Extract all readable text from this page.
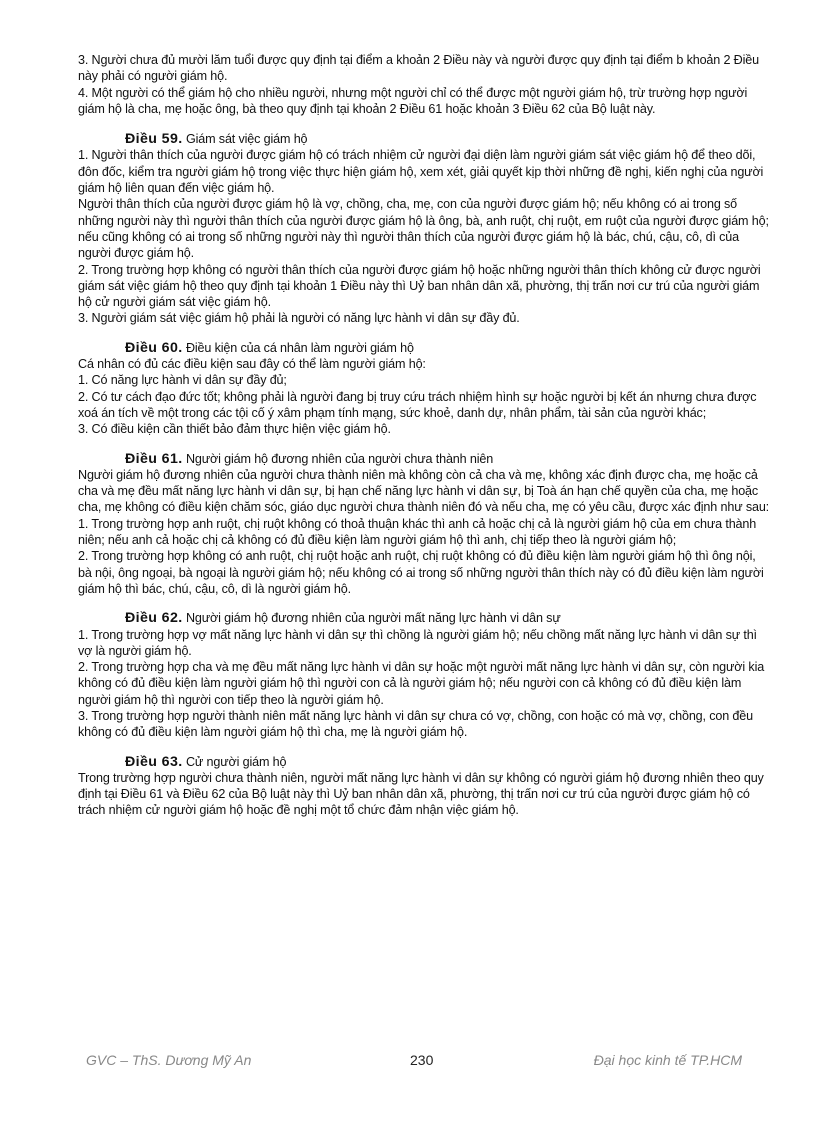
3. Người chưa đủ mười lăm tuổi được quy định tại điểm a khoản 2 Điều này và người được quy định tại điểm b khoản 2 Điều này phải có người giám hộ.

4. Một người có thể giám hộ cho nhiều người, nhưng một người chỉ có thể được một người giám hộ, trừ trường hợp người giám hộ là cha, mẹ hoặc ông, bà theo quy định tại khoản 2 Điều 61 hoặc khoản 3 Điều 62 của Bộ luật này.

Điều 59. Giám sát việc giám hộ

1. Người thân thích của người được giám hộ có trách nhiệm cử người đại diện làm người giám sát việc giám hộ để theo dõi, đôn đốc, kiểm tra người giám hộ trong việc thực hiện giám hộ, xem xét, giải quyết kịp thời những đề nghị, kiến nghị của người giám hộ liên quan đến việc giám hộ.

Người thân thích của người được giám hộ là vợ, chồng, cha, mẹ, con của người được giám hộ; nếu không có ai trong số những người này thì người thân thích của người được giám hộ là ông, bà, anh ruột, chị ruột, em ruột của người được giám hộ; nếu cũng không có ai trong số những người này thì người thân thích của người được giám hộ là bác, chú, cậu, cô, dì của người được giám hộ.

2. Trong trường hợp không có người thân thích của người được giám hộ hoặc những người thân thích không cử được người giám sát việc giám hộ theo quy định tại khoản 1 Điều này thì Uỷ ban nhân dân xã, phường, thị trấn nơi cư trú của người giám hộ cử người giám sát việc giám hộ.

3. Người giám sát việc giám hộ phải là người có năng lực hành vi dân sự đầy đủ.

Điều 60. Điều kiện của cá nhân làm người giám hộ

Cá nhân có đủ các điều kiện sau đây có thể làm người giám hộ:

1. Có năng lực hành vi dân sự đầy đủ;

2. Có tư cách đạo đức tốt; không phải là người đang bị truy cứu trách nhiệm hình sự hoặc người bị kết án nhưng chưa được xoá án tích về một trong các tội cố ý xâm phạm tính mạng, sức khoẻ, danh dự, nhân phẩm, tài sản của người khác;

3. Có điều kiện cần thiết bảo đảm thực hiện việc giám hộ.

Điều 61. Người giám hộ đương nhiên của người chưa thành niên

Người giám hộ đương nhiên của người chưa thành niên mà không còn cả cha và mẹ, không xác định được cha, mẹ hoặc cả cha và mẹ đều mất năng lực hành vi dân sự, bị hạn chế năng lực hành vi dân sự, bị Toà án hạn chế quyền của cha, mẹ hoặc cha, mẹ không có điều kiện chăm sóc, giáo dục người chưa thành niên đó và nếu cha, mẹ có yêu cầu, được xác định như sau:

1. Trong trường hợp anh ruột, chị ruột không có thoả thuận khác thì anh cả hoặc chị cả là người giám hộ của em chưa thành niên; nếu anh cả hoặc chị cả không có đủ điều kiện làm người giám hộ thì anh, chị tiếp theo là người giám hộ;

2. Trong trường hợp không có anh ruột, chị ruột hoặc anh ruột, chị ruột không có đủ điều kiện làm người giám hộ thì ông nội, bà nội, ông ngoại, bà ngoại là người giám hộ; nếu không có ai trong số những người thân thích này có đủ điều kiện làm người giám hộ thì bác, chú, cậu, cô, dì là người giám hộ.

Điều 62. Người giám hộ đương nhiên của người mất năng lực hành vi dân sự

1. Trong trường hợp vợ mất năng lực hành vi dân sự thì chồng là người giám hộ; nếu chồng mất năng lực hành vi dân sự thì vợ là người giám hộ.

2. Trong trường hợp cha và mẹ đều mất năng lực hành vi dân sự hoặc một người mất năng lực hành vi dân sự, còn người kia không có đủ điều kiện làm người giám hộ thì người con cả là người giám hộ; nếu người con cả không có đủ điều kiện làm người giám hộ thì người con tiếp theo là người giám hộ.

3. Trong trường hợp người thành niên mất năng lực hành vi dân sự chưa có vợ, chồng, con hoặc có mà vợ, chồng, con đều không có đủ điều kiện làm người giám hộ thì cha, mẹ là người giám hộ.

Điều 63. Cử người giám hộ

Trong trường hợp người chưa thành niên, người mất năng lực hành vi dân sự không có người giám hộ đương nhiên theo quy định tại Điều 61 và Điều 62 của Bộ luật này thì Uỷ ban nhân dân xã, phường, thị trấn nơi cư trú của người được giám hộ có trách nhiệm cử người giám hộ hoặc đề nghị một tổ chức đảm nhận việc giám hộ.

GVC – ThS. Dương Mỹ An	230	Đại học kinh tế TP.HCM
